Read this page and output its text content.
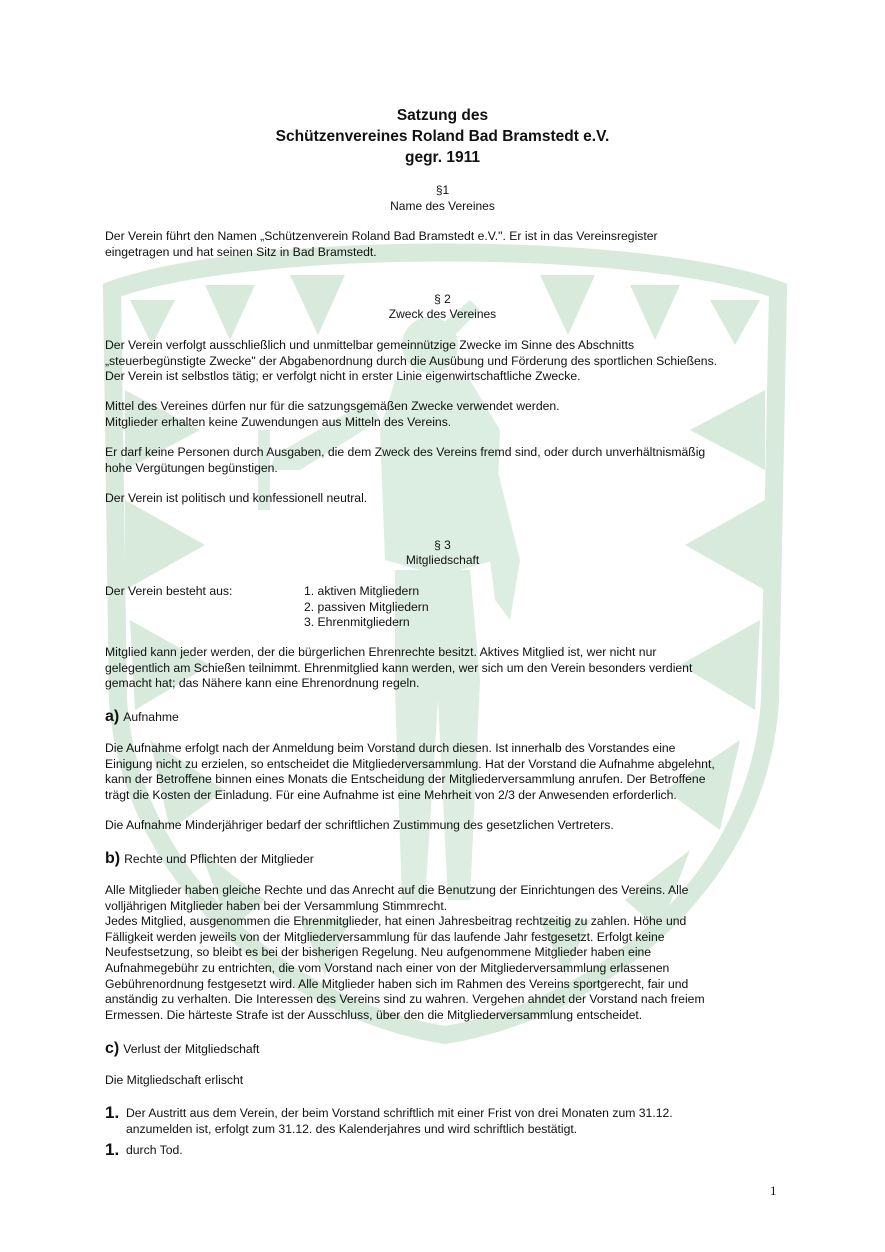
Satzung des
Schützenvereines Roland Bad Bramstedt e.V.
gegr. 1911
§1
Name des Vereines
Der Verein führt den Namen „Schützenverein Roland Bad Bramstedt e.V.". Er ist in das Vereinsregister
eingetragen und hat seinen Sitz in Bad Bramstedt.
§ 2
Zweck des Vereines
Der Verein verfolgt ausschließlich und unmittelbar gemeinnützige Zwecke im Sinne des Abschnitts
„steuerbegünstigte Zwecke" der Abgabenordnung durch die Ausübung und Förderung des sportlichen Schießens.
Der Verein ist selbstlos tätig; er verfolgt nicht in erster Linie eigenwirtschaftliche Zwecke.
Mittel des Vereines dürfen nur für die satzungsgemäßen Zwecke verwendet werden.
Mitglieder erhalten keine Zuwendungen aus Mitteln des Vereins.
Er darf keine Personen durch Ausgaben, die dem Zweck des Vereins fremd sind, oder durch unverhältnismäßig
hohe Vergütungen begünstigen.
Der Verein ist politisch und konfessionell neutral.
§ 3
Mitgliedschaft
Der Verein besteht aus:	1. aktiven Mitgliedern
2. passiven Mitgliedern
3. Ehrenmitgliedern
Mitglied kann jeder werden, der die bürgerlichen Ehrenrechte besitzt. Aktives Mitglied ist, wer nicht nur
gelegentlich am Schießen teilnimmt. Ehrenmitglied kann werden, wer sich um den Verein besonders verdient
gemacht hat; das Nähere kann eine Ehrenordnung regeln.
a) Aufnahme
Die Aufnahme erfolgt nach der Anmeldung beim Vorstand durch diesen. Ist innerhalb des Vorstandes eine
Einigung nicht zu erzielen, so entscheidet die Mitgliederversammlung. Hat der Vorstand die Aufnahme abgelehnt,
kann der Betroffene binnen eines Monats die Entscheidung der Mitgliederversammlung anrufen. Der Betroffene
trägt die Kosten der Einladung. Für eine Aufnahme ist eine Mehrheit von 2/3 der Anwesenden erforderlich.
Die Aufnahme Minderjähriger bedarf der schriftlichen Zustimmung des gesetzlichen Vertreters.
b) Rechte und Pflichten der Mitglieder
Alle Mitglieder haben gleiche Rechte und das Anrecht auf die Benutzung der Einrichtungen des Vereins. Alle
volljährigen Mitglieder haben bei der Versammlung Stimmrecht.
Jedes Mitglied, ausgenommen die Ehrenmitglieder, hat einen Jahresbeitrag rechtzeitig zu zahlen. Höhe und
Fälligkeit werden jeweils von der Mitgliederversammlung für das laufende Jahr festgesetzt. Erfolgt keine
Neufestsetzung, so bleibt es bei der bisherigen Regelung. Neu aufgenommene Mitglieder haben eine
Aufnahmegebühr zu entrichten, die vom Vorstand nach einer von der Mitgliederversammlung erlassenen
Gebührenordnung festgesetzt wird. Alle Mitglieder haben sich im Rahmen des Vereins sportgerecht, fair und
anständig zu verhalten. Die Interessen des Vereins sind zu wahren. Vergehen ahndet der Vorstand nach freiem
Ermessen. Die härteste Strafe ist der Ausschluss, über den die Mitgliederversammlung entscheidet.
c) Verlust der Mitgliedschaft
Die Mitgliedschaft erlischt
1. Der Austritt aus dem Verein, der beim Vorstand schriftlich mit einer Frist von drei Monaten zum 31.12.
anzumelden ist, erfolgt zum 31.12. des Kalenderjahres und wird schriftlich bestätigt.
1. durch Tod.
1
